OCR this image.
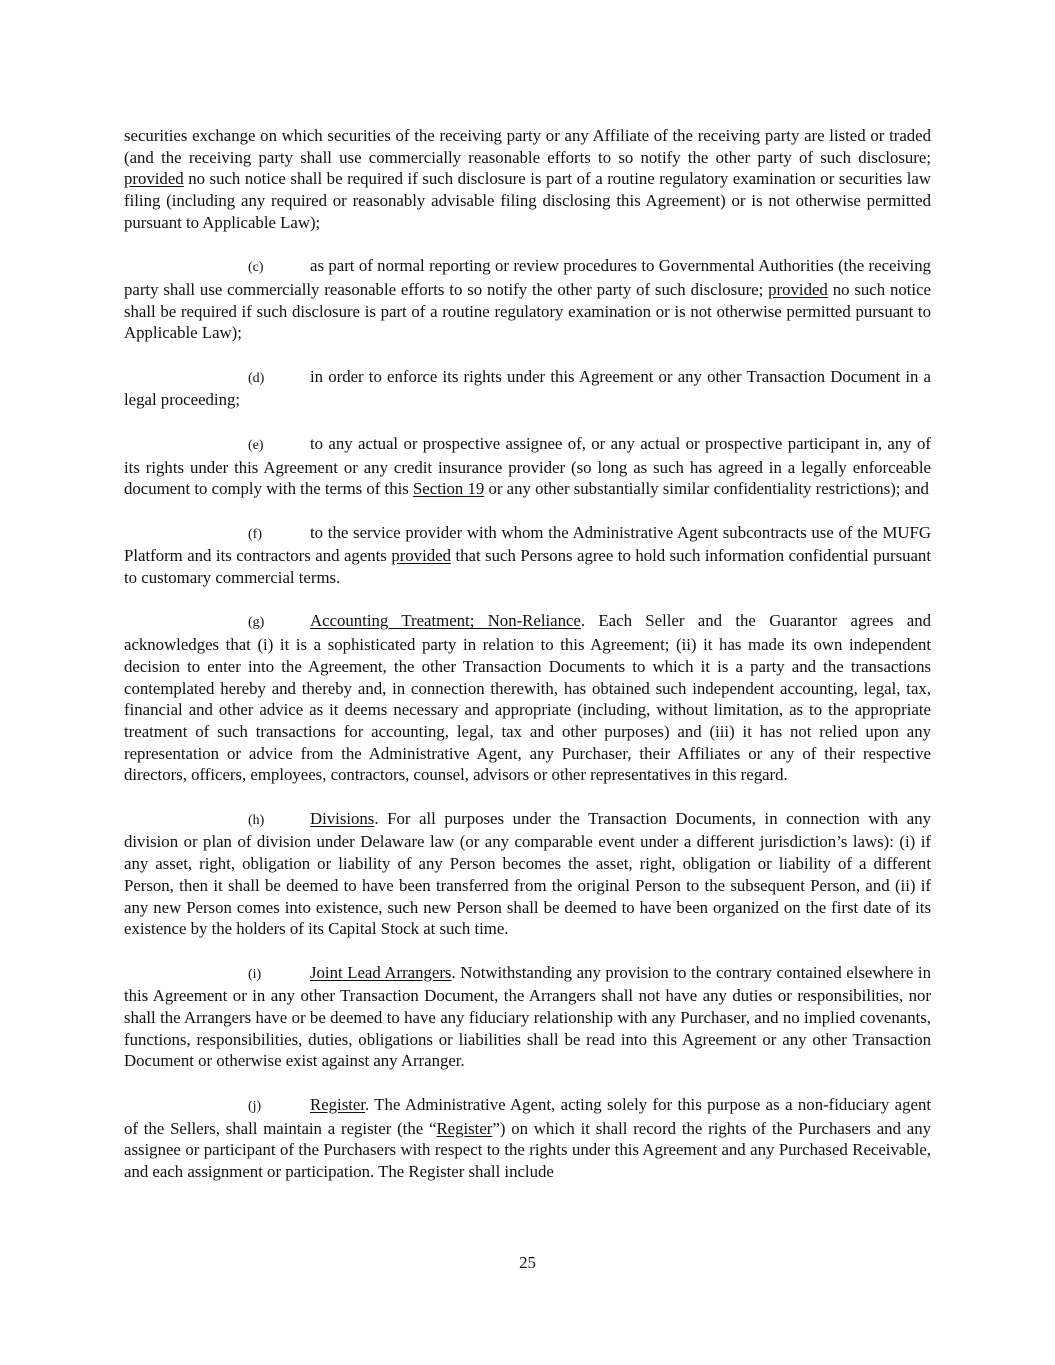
securities exchange on which securities of the receiving party or any Affiliate of the receiving party are listed or traded (and the receiving party shall use commercially reasonable efforts to so notify the other party of such disclosure; provided no such notice shall be required if such disclosure is part of a routine regulatory examination or securities law filing (including any required or reasonably advisable filing disclosing this Agreement) or is not otherwise permitted pursuant to Applicable Law);

(c)	as part of normal reporting or review procedures to Governmental Authorities (the receiving party shall use commercially reasonable efforts to so notify the other party of such disclosure; provided no such notice shall be required if such disclosure is part of a routine regulatory examination or is not otherwise permitted pursuant to Applicable Law);

(d)	in order to enforce its rights under this Agreement or any other Transaction Document in a legal proceeding;

(e)	to any actual or prospective assignee of, or any actual or prospective participant in, any of its rights under this Agreement or any credit insurance provider (so long as such has agreed in a legally enforceable document to comply with the terms of this Section 19 or any other substantially similar confidentiality restrictions); and

(f)	to the service provider with whom the Administrative Agent subcontracts use of the MUFG Platform and its contractors and agents provided that such Persons agree to hold such information confidential pursuant to customary commercial terms.

(g)	Accounting Treatment; Non-Reliance. Each Seller and the Guarantor agrees and acknowledges that (i) it is a sophisticated party in relation to this Agreement; (ii) it has made its own independent decision to enter into the Agreement, the other Transaction Documents to which it is a party and the transactions contemplated hereby and thereby and, in connection therewith, has obtained such independent accounting, legal, tax, financial and other advice as it deems necessary and appropriate (including, without limitation, as to the appropriate treatment of such transactions for accounting, legal, tax and other purposes) and (iii) it has not relied upon any representation or advice from the Administrative Agent, any Purchaser, their Affiliates or any of their respective directors, officers, employees, contractors, counsel, advisors or other representatives in this regard.

(h)	Divisions. For all purposes under the Transaction Documents, in connection with any division or plan of division under Delaware law (or any comparable event under a different jurisdiction’s laws): (i) if any asset, right, obligation or liability of any Person becomes the asset, right, obligation or liability of a different Person, then it shall be deemed to have been transferred from the original Person to the subsequent Person, and (ii) if any new Person comes into existence, such new Person shall be deemed to have been organized on the first date of its existence by the holders of its Capital Stock at such time.

(i)	Joint Lead Arrangers. Notwithstanding any provision to the contrary contained elsewhere in this Agreement or in any other Transaction Document, the Arrangers shall not have any duties or responsibilities, nor shall the Arrangers have or be deemed to have any fiduciary relationship with any Purchaser, and no implied covenants, functions, responsibilities, duties, obligations or liabilities shall be read into this Agreement or any other Transaction Document or otherwise exist against any Arranger.

(j)	Register. The Administrative Agent, acting solely for this purpose as a non-fiduciary agent of the Sellers, shall maintain a register (the “Register”) on which it shall record the rights of the Purchasers and any assignee or participant of the Purchasers with respect to the rights under this Agreement and any Purchased Receivable, and each assignment or participation. The Register shall include

25
